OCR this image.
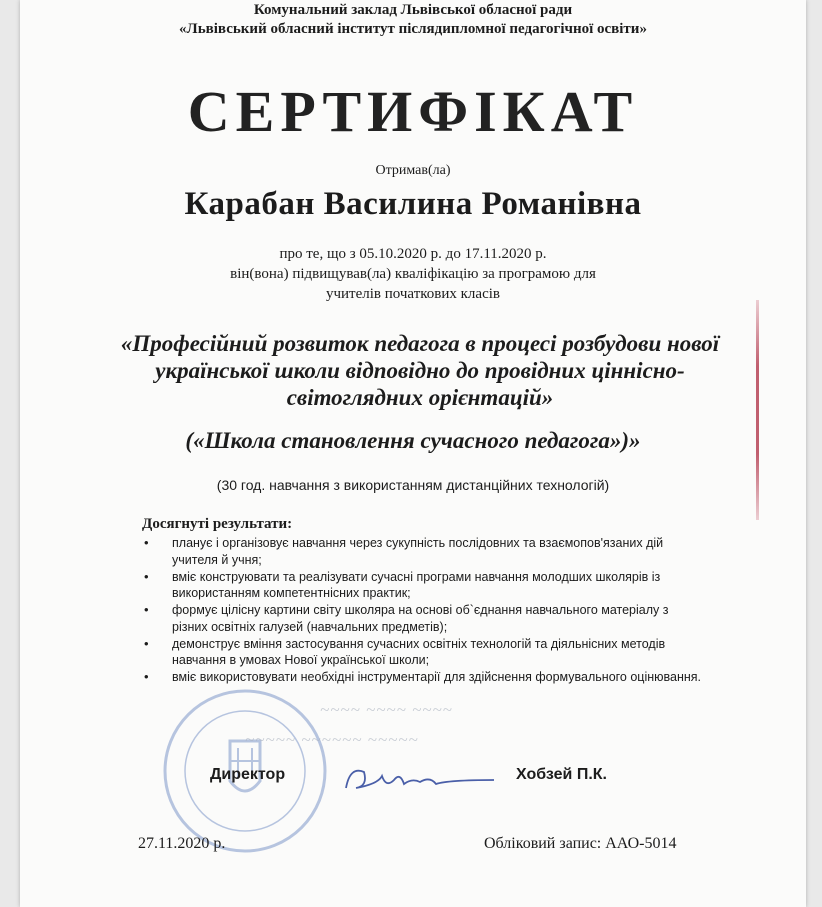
Комунальний заклад Львівської обласної ради
«Львівський обласний інститут післядипломної педагогічної освіти»
СЕРТИФІКАТ
Отримав(ла)
Карабан Василина Романівна
про те, що з 05.10.2020 р. до 17.11.2020 р.
він(вона) підвищував(ла) кваліфікацію за програмою для
учителів початкових класів
«Професійний розвиток педагога в процесі розбудови нової української школи відповідно до провідних ціннісно-світоглядних орієнтацій»
(«Школа становлення сучасного педагога»)»
(30 год. навчання з використанням дистанційних технологій)
Досягнуті результати:
• планує і організовує навчання через сукупність послідовних та взаємопов'язаних дій учителя й учня;
• вміє конструювати та реалізувати сучасні програми навчання молодших школярів із використанням компетентнісних практик;
• формує цілісну картини світу школяра на основі об`єднання навчального матеріалу з різних освітніх галузей (навчальних предметів);
• демонструє вміння застосування сучасних освітніх технологій та діяльнісних методів навчання в умовах Нової української школи;
• вміє використовувати необхідні інструментарії для здійснення формувального оцінювання.
~~~~ ~~~~ ~~~~
~~~~~ ~~~~~~ ~~~~~
Директор	Хобзей П.К.
27.11.2020 р.	Обліковий запис: ААО-5014
